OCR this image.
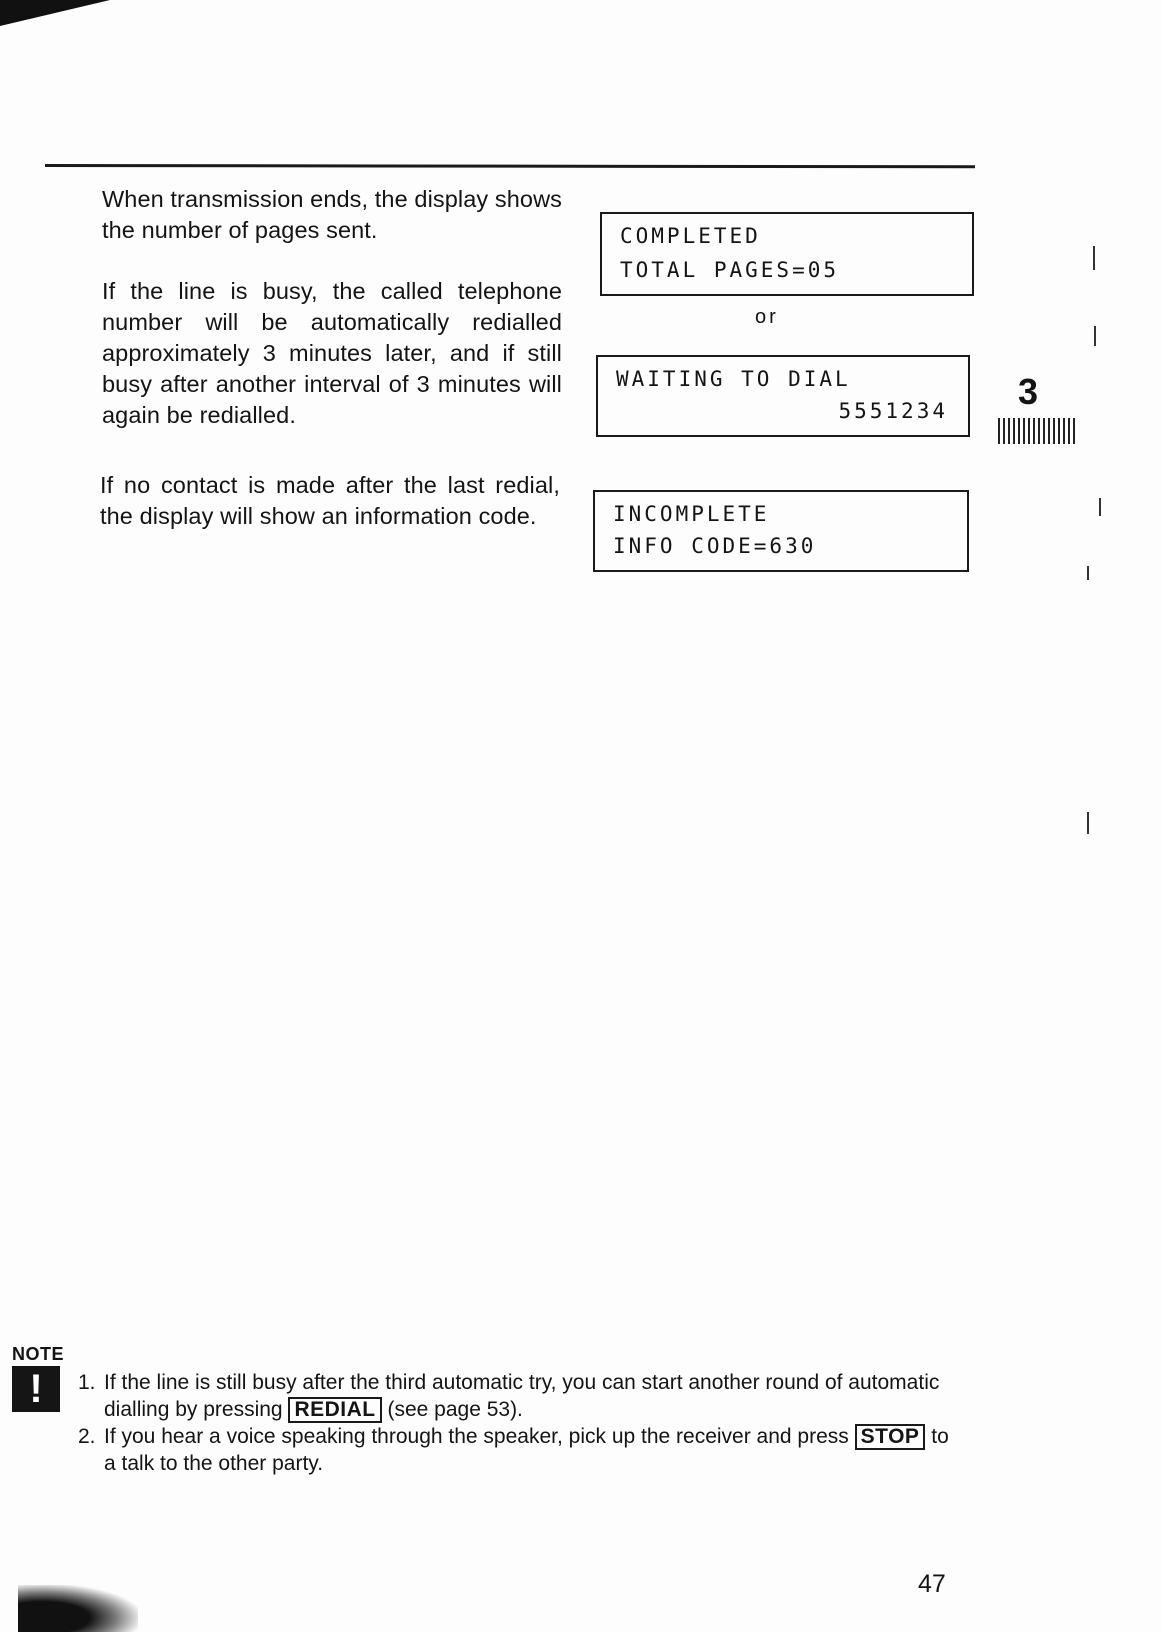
When transmission ends, the display shows the number of pages sent.

If the line is busy, the called telephone number will be automatically redialled approximately 3 minutes later, and if still busy after another interval of 3 minutes will again be redialled.

If no contact is made after the last redial, the display will show an information code.

COMPLETED
TOTAL PAGES=05
or
WAITING TO DIAL
5551234
INCOMPLETE
INFO CODE=630
3
NOTE
!	1. If the line is still busy after the third automatic try, you can start another round of automatic dialling by pressing REDIAL (see page 53).
2. If you hear a voice speaking through the speaker, pick up the receiver and press STOP to a talk to the other party.
47
